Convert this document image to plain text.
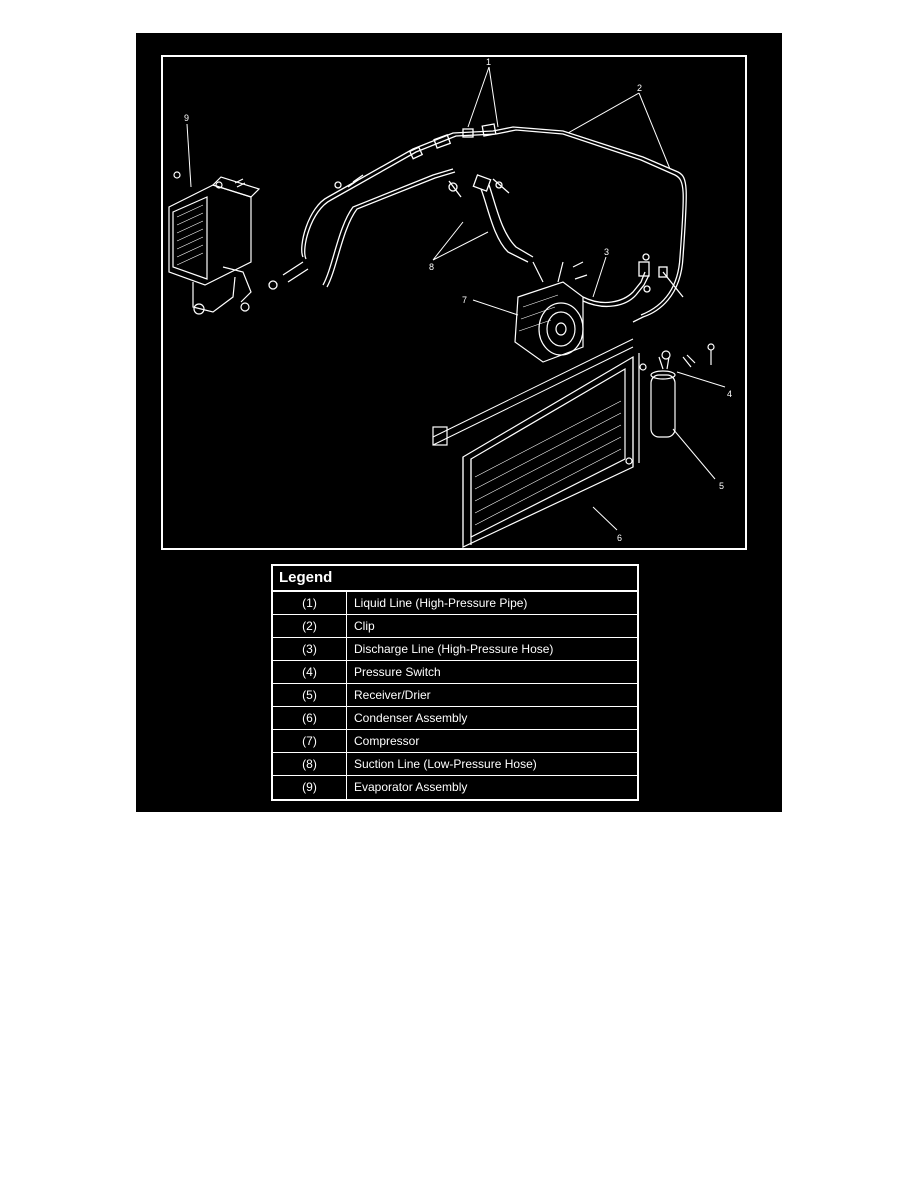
1
2
3
4
5
6
7
8
9
Legend
(1)	Liquid Line (High-Pressure Pipe)
(2)	Clip
(3)	Discharge Line (High-Pressure Hose)
(4)	Pressure Switch
(5)	Receiver/Drier
(6)	Condenser Assembly
(7)	Compressor
(8)	Suction Line (Low-Pressure Hose)
(9)	Evaporator Assembly
